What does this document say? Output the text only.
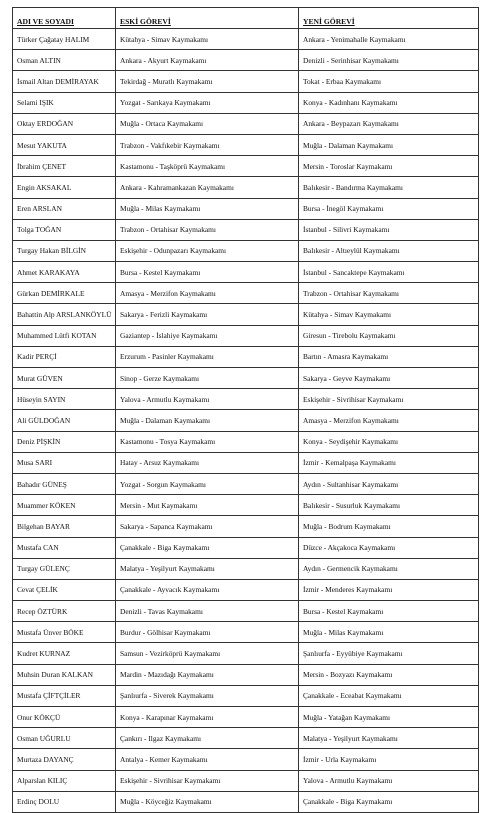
ADI VE SOYADI	ESKİ GÖREVİ	YENİ GÖREVİ
Türker Çağatay HALIM	Kütahya - Simav Kaymakamı	Ankara - Yenimahalle Kaymakamı
Osman ALTIN	Ankara - Akyurt Kaymakamı	Denizli - Serinhisar Kaymakamı
İsmail Altan DEMİRAYAK	Tekirdağ - Muratlı Kaymakamı	Tokat - Erbaa Kaymakamı
Selami IŞIK	Yozgat - Sarıkaya Kaymakamı	Konya - Kadınhanı Kaymakamı
Oktay ERDOĞAN	Muğla - Ortaca Kaymakamı	Ankara - Beypazarı Kaymakamı
Mesut YAKUTA	Trabzon - Vakfıkebir Kaymakamı	Muğla - Dalaman Kaymakamı
İbrahim ÇENET	Kastamonu - Taşköprü Kaymakamı	Mersin - Toroslar Kaymakamı
Engin AKSAKAL	Ankara - Kahramankazan Kaymakamı	Balıkesir - Bandırma Kaymakamı
Eren ARSLAN	Muğla - Milas Kaymakamı	Bursa - İnegöl Kaymakamı
Tolga TOĞAN	Trabzon - Ortahisar Kaymakamı	İstanbul - Silivri Kaymakamı
Turgay Hakan BİLGİN	Eskişehir - Odunpazarı Kaymakamı	Balıkesir - Altıeylül Kaymakamı
Ahmet KARAKAYA	Bursa - Kestel Kaymakamı	İstanbul - Sancaktepe Kaymakamı
Gürkan DEMİRKALE	Amasya - Merzifon Kaymakamı	Trabzon - Ortahisar Kaymakamı
Bahattin Alp ARSLANKÖYLÜ	Sakarya - Ferizli Kaymakamı	Kütahya - Simav Kaymakamı
Muhammed Lütfi KOTAN	Gaziantep - İslahiye Kaymakamı	Giresun - Tirebolu Kaymakamı
Kadir PERÇİ	Erzurum - Pasinler Kaymakamı	Bartın - Amasra Kaymakamı
Murat GÜVEN	Sinop - Gerze Kaymakamı	Sakarya - Geyve Kaymakamı
Hüseyin SAYIN	Yalova - Armutlu Kaymakamı	Eskişehir - Sivrihisar Kaymakamı
Ali GÜLDOĞAN	Muğla - Dalaman Kaymakamı	Amasya - Merzifon Kaymakamı
Deniz PİŞKİN	Kastamonu - Tosya Kaymakamı	Konya - Seydişehir Kaymakamı
Musa SARI	Hatay - Arsuz Kaymakamı	İzmir - Kemalpaşa Kaymakamı
Bahadır GÜNEŞ	Yozgat - Sorgun Kaymakamı	Aydın - Sultanhisar Kaymakamı
Muammer KÖKEN	Mersin - Mut Kaymakamı	Balıkesir - Susurluk Kaymakamı
Bilgehan BAYAR	Sakarya - Sapanca Kaymakamı	Muğla - Bodrum Kaymakamı
Mustafa CAN	Çanakkale - Biga Kaymakamı	Düzce - Akçakoca Kaymakamı
Turgay GÜLENÇ	Malatya - Yeşilyurt Kaymakamı	Aydın - Germencik Kaymakamı
Cevat ÇELİK	Çanakkale - Ayvacık Kaymakamı	İzmir - Menderes Kaymakamı
Recep ÖZTÜRK	Denizli - Tavas Kaymakamı	Bursa - Kestel Kaymakamı
Mustafa Ünver BÖKE	Burdur - Gölhisar Kaymakamı	Muğla - Milas Kaymakamı
Kudret KURNAZ	Samsun - Vezirköprü Kaymakamı	Şanlıurfa - Eyyübiye Kaymakamı
Muhsin Duran KALKAN	Mardin - Mazıdağı Kaymakamı	Mersin - Bozyazı Kaymakamı
Mustafa ÇİFTÇİLER	Şanlıurfa - Siverek Kaymakamı	Çanakkale - Eceabat Kaymakamı
Onur KÖKÇÜ	Konya - Karapınar Kaymakamı	Muğla - Yatağan Kaymakamı
Osman UĞURLU	Çankırı - Ilgaz Kaymakamı	Malatya - Yeşilyurt Kaymakamı
Murtaza DAYANÇ	Antalya - Kemer Kaymakamı	İzmir - Urla Kaymakamı
Alparslan KILIÇ	Eskişehir - Sivrihisar Kaymakamı	Yalova - Armutlu Kaymakamı
Erdinç DOLU	Muğla - Köyceğiz Kaymakamı	Çanakkale - Biga Kaymakamı
